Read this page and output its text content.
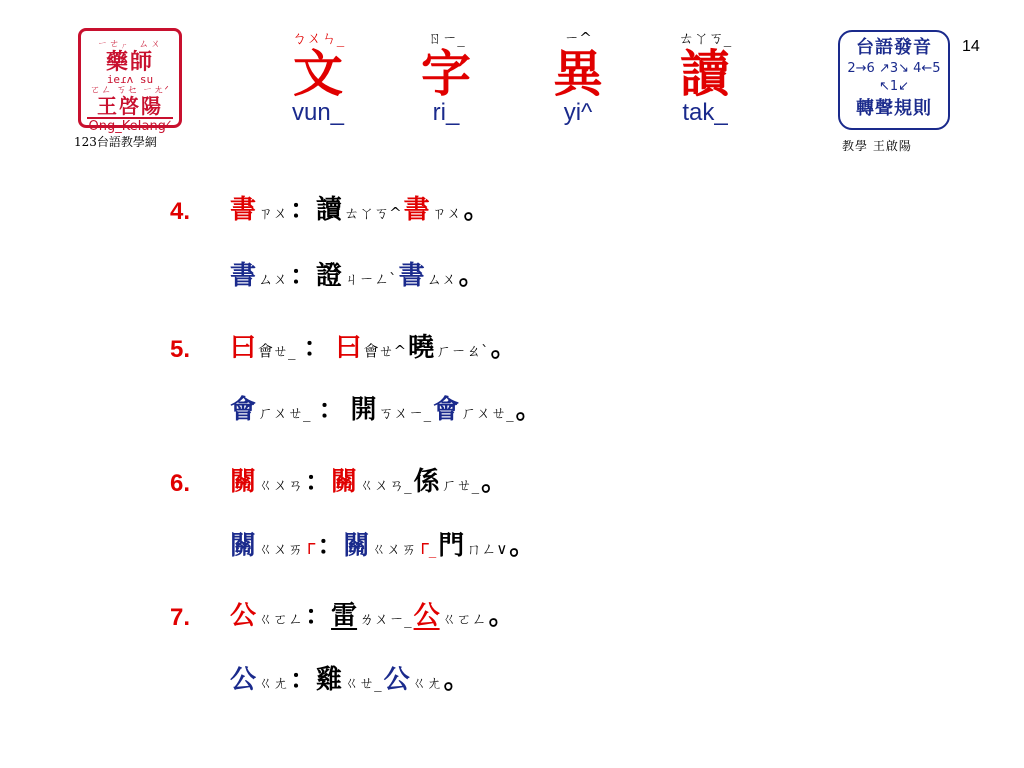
ㄧㄜㆷ ㄙㄨ
藥師
ieɾʌ su
ㄛㄥ ㄎㆤ ㄧㄤᐟ
王啓陽
Ong_KeIangᐟ
123台語教學網
ㄅㄨㄣ_
文
vun_
ㄖㄧ_
字
ri_
ㄧ^
異
yi^
ㄊㄚㄎ_
讀
tak_
14
台語發音
2→6 ↗3↘ 4←5 ↖1↙
轉聲規則
教學 王啟陽
4. 書ㄗㄨ：讀 ㄊㄚㄎ^書 ㄗㄨ。
書ㄙㄨ：證 ㄐㄧㄥˋ書 ㄙㄨ。
5. 曰會ㄝ_ ： 曰 會ㄝ^曉 ㄏㄧㄠˋ。
會ㄏㄨㄝ_ ： 開 ㄎㄨㄧ_會 ㄏㄨㄝ_。
6. 關ㄍㄨㄢ：關 ㄍㄨㄢ_係 ㄏㄝ_。
關ㄍㄨㄞ ᒥ：關 ㄍㄨㄞ ᒥ_門 ㄇㄥ∨。
7. 公ㄍㄛㄥ：雷 ㄌㄨㄧ_公 ㄍㄛㄥ。
公ㄍㄤ：雞 ㄍㄝ_公 ㄍㄤ。
